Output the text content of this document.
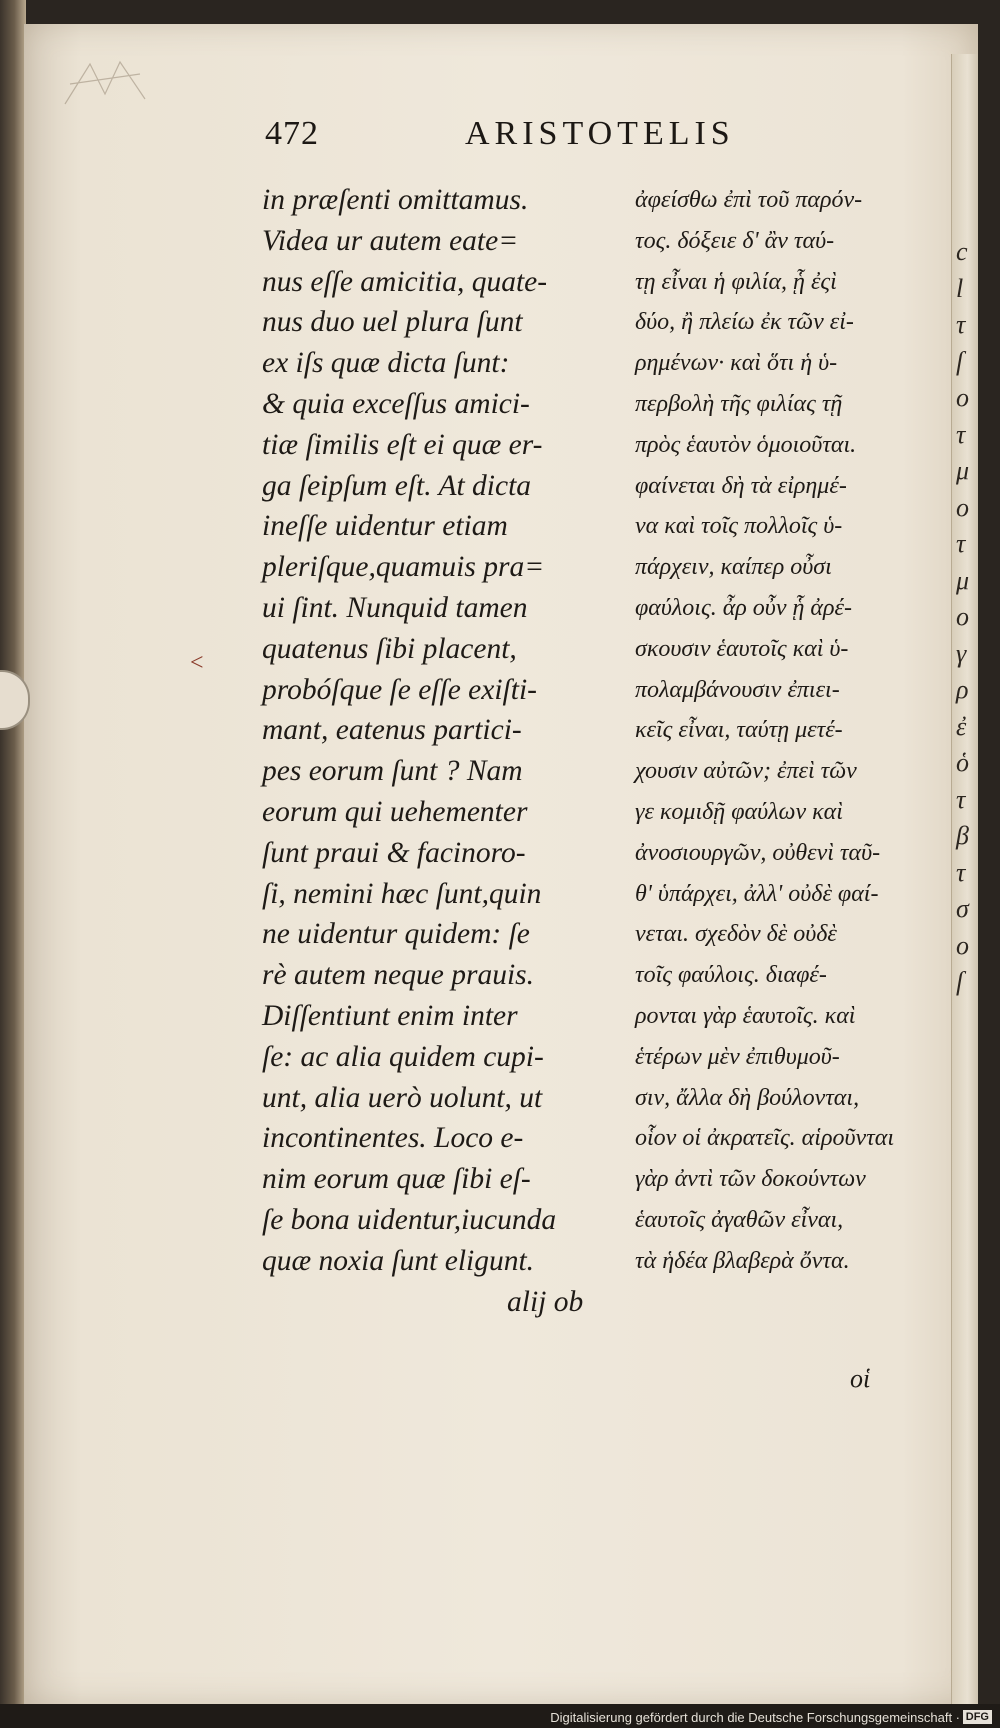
c
l
τ
ſ
ο
τ
μ
ο
τ
μ
ο
γ
ρ
ἐ
ὁ
τ
β
τ
σ
ο
ſ
472	ARISTOTELIS
<
in præſenti omittamus.
Videa ur autem eate=
nus eſſe amicitia, quate-
nus duo uel plura ſunt
ex iſs quæ dicta ſunt:
& quia exceſſus amici-
tiæ ſimilis eſt ei quæ er-
ga ſeipſum eſt. At dicta
ineſſe uidentur etiam
pleriſque,quamuis pra=
ui ſint. Nunquid tamen
quatenus ſibi placent,
probóſque ſe eſſe exiſti-
mant, eatenus partici-
pes eorum ſunt ? Nam
eorum qui uehementer
ſunt praui & facinoro-
ſi, nemini hæc ſunt,quin
ne uidentur quidem: ſe
rè autem neque prauis.
Diſſentiunt enim inter
ſe: ac alia quidem cupi-
unt, alia uerò uolunt, ut
incontinentes. Loco e-
nim eorum quæ ſibi eſ-
ſe bona uidentur,iucunda
quæ noxia ſunt eligunt.
alij ob
ἀφείσθω ἐπὶ τοῦ παρόν-
τος. δόξειε δ' ἂν ταύ-
τῃ εἶναι ἡ φιλία, ᾗ ἐςὶ
δύο, ἢ πλείω ἐκ τῶν εἰ-
ρημένων· καὶ ὅτι ἡ ὑ-
περβολὴ τῆς φιλίας τῇ
πρὸς ἑαυτὸν ὁμοιοῦται.
φαίνεται δὴ τὰ εἰρημέ-
να καὶ τοῖς πολλοῖς ὑ-
πάρχειν, καίπερ οὖσι
φαύλοις. ἆρ οὖν ᾗ ἀρέ-
σκουσιν ἑαυτοῖς καὶ ὑ-
πολαμβάνουσιν ἐπιει-
κεῖς εἶναι, ταύτῃ μετέ-
χουσιν αὐτῶν; ἐπεὶ τῶν
γε κομιδῇ φαύλων καὶ
ἀνοσιουργῶν, οὐθενὶ ταῦ-
θ' ὑπάρχει, ἀλλ' οὐδὲ φαί-
νεται. σχεδὸν δὲ οὐδὲ
τοῖς φαύλοις. διαφέ-
ρονται γὰρ ἑαυτοῖς. καὶ
ἑτέρων μὲν ἐπιθυμοῦ-
σιν, ἄλλα δὴ βούλονται,
οἷον οἱ ἀκρατεῖς. αἱροῦνται
γὰρ ἀντὶ τῶν δοκούντων
ἑαυτοῖς ἀγαθῶν εἶναι,
τὰ ἡδέα βλαβερὰ ὄντα.
οἱ
Digitalisierung gefördert durch die Deutsche Forschungsgemeinschaft · DFG
